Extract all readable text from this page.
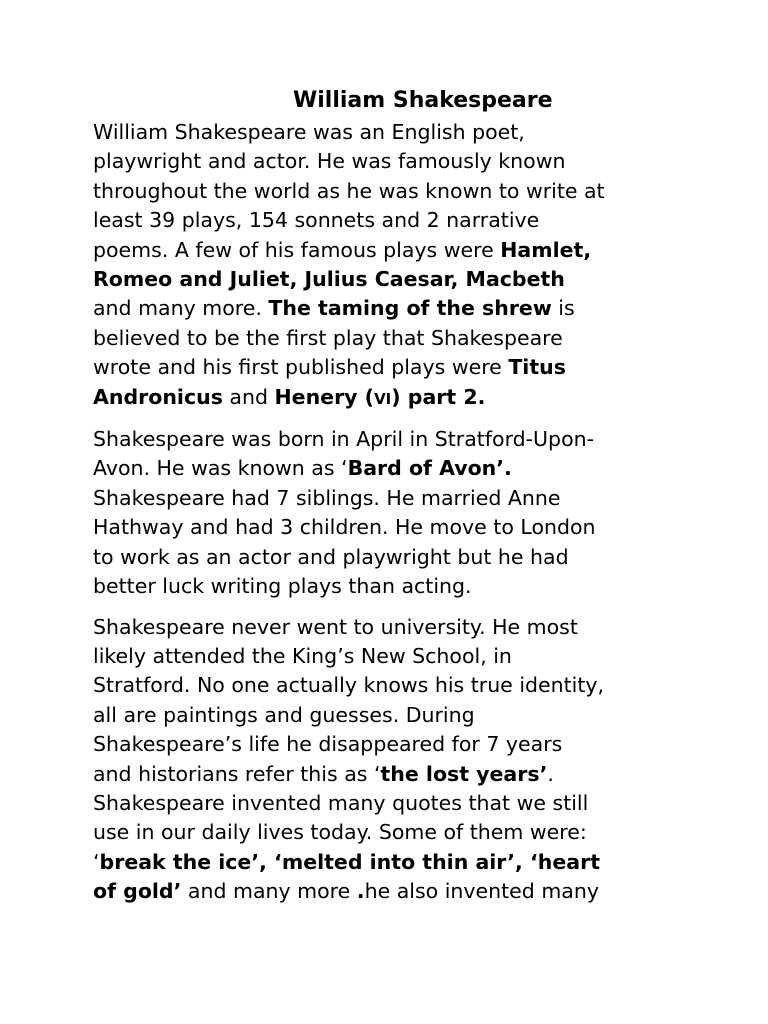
William Shakespeare

William Shakespeare was an English poet,
playwright and actor. He was famously known
throughout the world as he was known to write at
least 39 plays, 154 sonnets and 2 narrative
poems. A few of his famous plays were Hamlet,
Romeo and Juliet, Julius Caesar, Macbeth
and many more. The taming of the shrew is
believed to be the first play that Shakespeare
wrote and his first published plays were Titus
Andronicus and Henery (VI) part 2.

Shakespeare was born in April in Stratford-Upon-
Avon. He was known as ‘Bard of Avon’.
Shakespeare had 7 siblings. He married Anne
Hathway and had 3 children. He move to London
to work as an actor and playwright but he had
better luck writing plays than acting.

Shakespeare never went to university. He most
likely attended the King’s New School, in
Stratford. No one actually knows his true identity,
all are paintings and guesses. During
Shakespeare’s life he disappeared for 7 years
and historians refer this as ‘the lost years’.
Shakespeare invented many quotes that we still
use in our daily lives today. Some of them were:
‘break the ice’, ‘melted into thin air’, ‘heart
of gold’ and many more .he also invented many
